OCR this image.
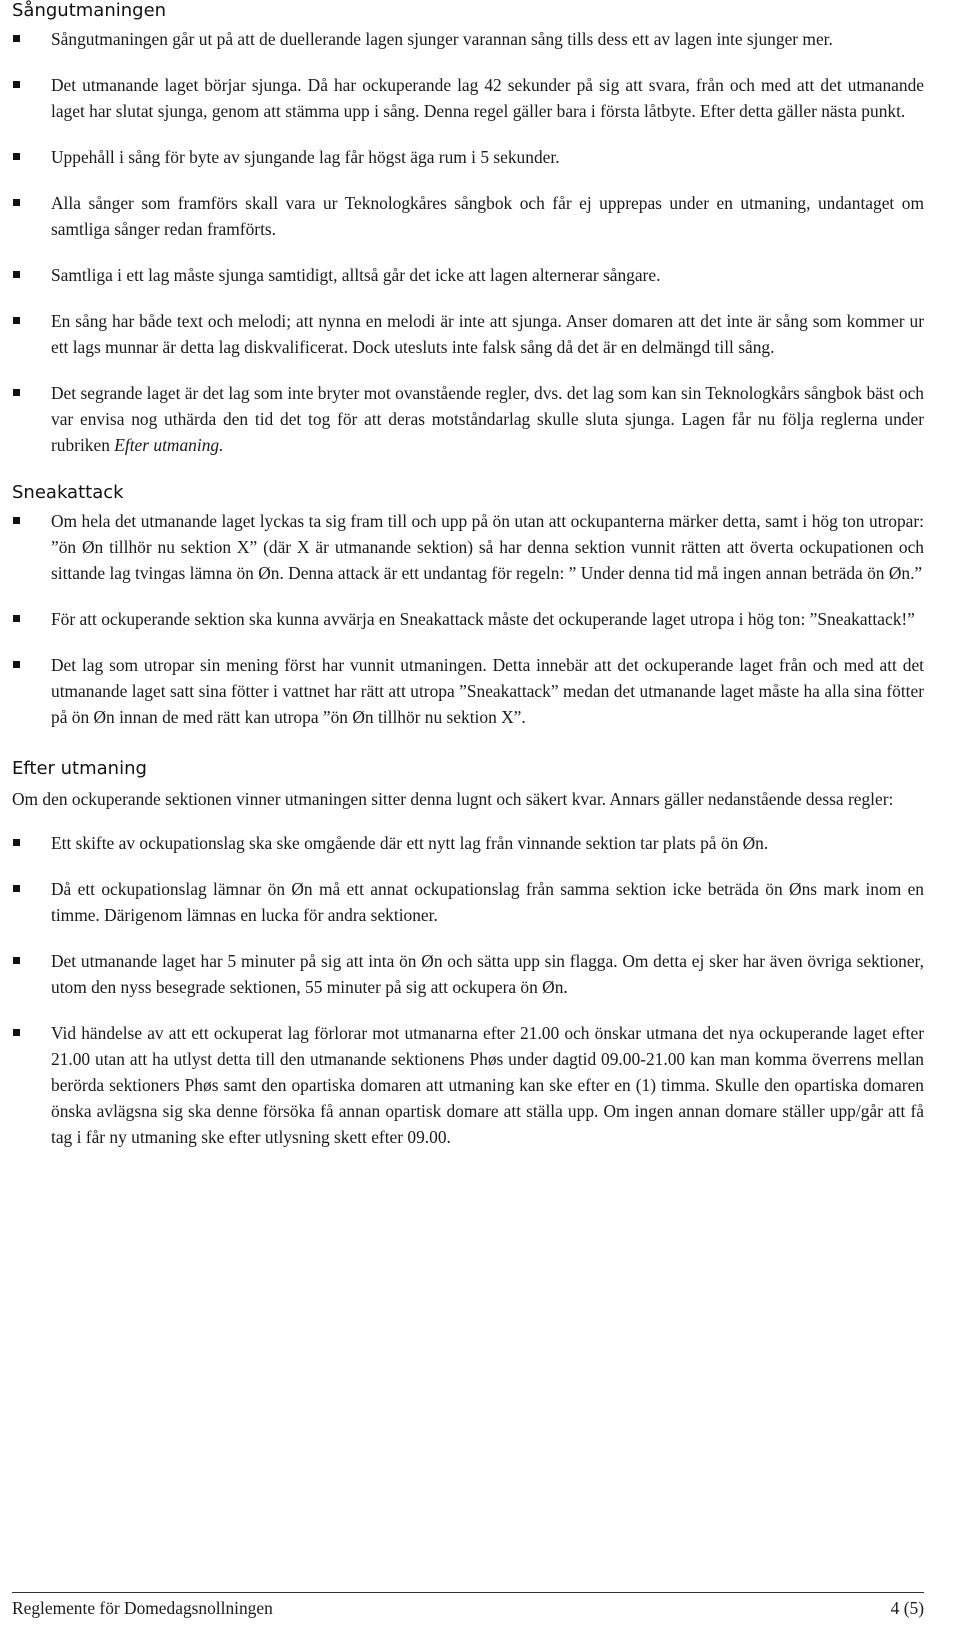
Sångutmaningen
Sångutmaningen går ut på att de duellerande lagen sjunger varannan sång tills dess ett av lagen inte sjunger mer.
Det utmanande laget börjar sjunga. Då har ockuperande lag 42 sekunder på sig att svara, från och med att det utmanande laget har slutat sjunga, genom att stämma upp i sång. Denna regel gäller bara i första låtbyte. Efter detta gäller nästa punkt.
Uppehåll i sång för byte av sjungande lag får högst äga rum i 5 sekunder.
Alla sånger som framförs skall vara ur Teknologkåres sångbok och får ej upprepas under en utmaning, undantaget om samtliga sånger redan framförts.
Samtliga i ett lag måste sjunga samtidigt, alltså går det icke att lagen alternerar sångare.
En sång har både text och melodi; att nynna en melodi är inte att sjunga. Anser domaren att det inte är sång som kommer ur ett lags munnar är detta lag diskvalificerat. Dock utesluts inte falsk sång då det är en delmängd till sång.
Det segrande laget är det lag som inte bryter mot ovanstående regler, dvs. det lag som kan sin Teknologkårs sångbok bäst och var envisa nog uthärda den tid det tog för att deras motståndarlag skulle sluta sjunga. Lagen får nu följa reglerna under rubriken Efter utmaning.
Sneakattack
Om hela det utmanande laget lyckas ta sig fram till och upp på ön utan att ockupanterna märker detta, samt i hög ton utropar: ”ön Øn tillhör nu sektion X” (där X är utmanande sektion) så har denna sektion vunnit rätten att överta ockupationen och sittande lag tvingas lämna ön Øn. Denna attack är ett undantag för regeln: ” Under denna tid må ingen annan beträda ön Øn.”
För att ockuperande sektion ska kunna avvärja en Sneakattack måste det ockuperande laget utropa i hög ton: ”Sneakattack!”
Det lag som utropar sin mening först har vunnit utmaningen. Detta innebär att det ockuperande laget från och med att det utmanande laget satt sina fötter i vattnet har rätt att utropa ”Sneakattack” medan det utmanande laget måste ha alla sina fötter på ön Øn innan de med rätt kan utropa ”ön Øn tillhör nu sektion X”.
Efter utmaning

Om den ockuperande sektionen vinner utmaningen sitter denna lugnt och säkert kvar. Annars gäller nedanstående dessa regler:

Ett skifte av ockupationslag ska ske omgående där ett nytt lag från vinnande sektion tar plats på ön Øn.
Då ett ockupationslag lämnar ön Øn må ett annat ockupationslag från samma sektion icke beträda ön Øns mark inom en timme. Därigenom lämnas en lucka för andra sektioner.
Det utmanande laget har 5 minuter på sig att inta ön Øn och sätta upp sin flagga. Om detta ej sker har även övriga sektioner, utom den nyss besegrade sektionen, 55 minuter på sig att ockupera ön Øn.
Vid händelse av att ett ockuperat lag förlorar mot utmanarna efter 21.00 och önskar utmana det nya ockuperande laget efter 21.00 utan att ha utlyst detta till den utmanande sektionens Phøs under dagtid 09.00-21.00 kan man komma överrens mellan berörda sektioners Phøs samt den opartiska domaren att utmaning kan ske efter en (1) timma. Skulle den opartiska domaren önska avlägsna sig ska denne försöka få annan opartisk domare att ställa upp. Om ingen annan domare ställer upp/går att få tag i får ny utmaning ske efter utlysning skett efter 09.00.
Reglemente för Domedagsnollningen	4 (5)
